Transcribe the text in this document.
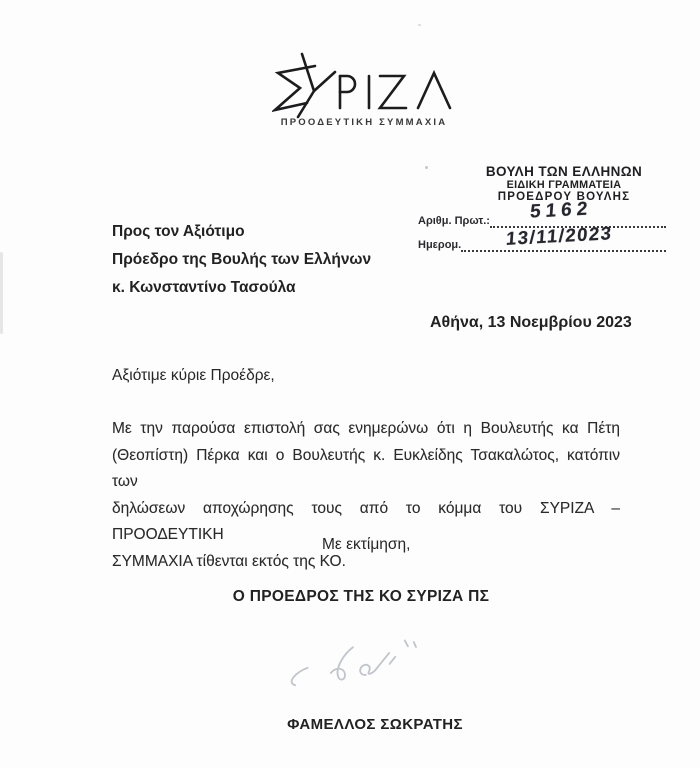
ΠΡΟΟΔΕΥΤΙΚΗ ΣΥΜΜΑΧΙΑ
ΒΟΥΛΗ ΤΩΝ ΕΛΛΗΝΩΝ
ΕΙΔΙΚΗ ΓΡΑΜΜΑΤΕΙΑ
ΠΡΟΕΔΡΟΥ ΒΟΥΛΗΣ
Αριθμ. Πρωτ.: 5162
Ημερομ. 13/11/2023
Προς τον Αξιότιμο
Πρόεδρο της Βουλής των Ελλήνων
κ. Κωνσταντίνο Τασούλα
Αθήνα, 13 Νοεμβρίου 2023
Αξιότιμε κύριε Προέδρε,
Με την παρούσα επιστολή σας ενημερώνω ότι η Βουλευτής κα Πέτη
(Θεοπίστη) Πέρκα και ο Βουλευτής κ. Ευκλείδης Τσακαλώτος, κατόπιν των
δηλώσεων αποχώρησης τους από το κόμμα του ΣΥΡΙΖΑ – ΠΡΟΟΔΕΥΤΙΚΗ
ΣΥΜΜΑΧΙΑ τίθενται εκτός της ΚΟ.
Με εκτίμηση,
Ο ΠΡΟΕΔΡΟΣ ΤΗΣ ΚΟ ΣΥΡΙΖΑ ΠΣ
ΦΑΜΕΛΛΟΣ ΣΩΚΡΑΤΗΣ
